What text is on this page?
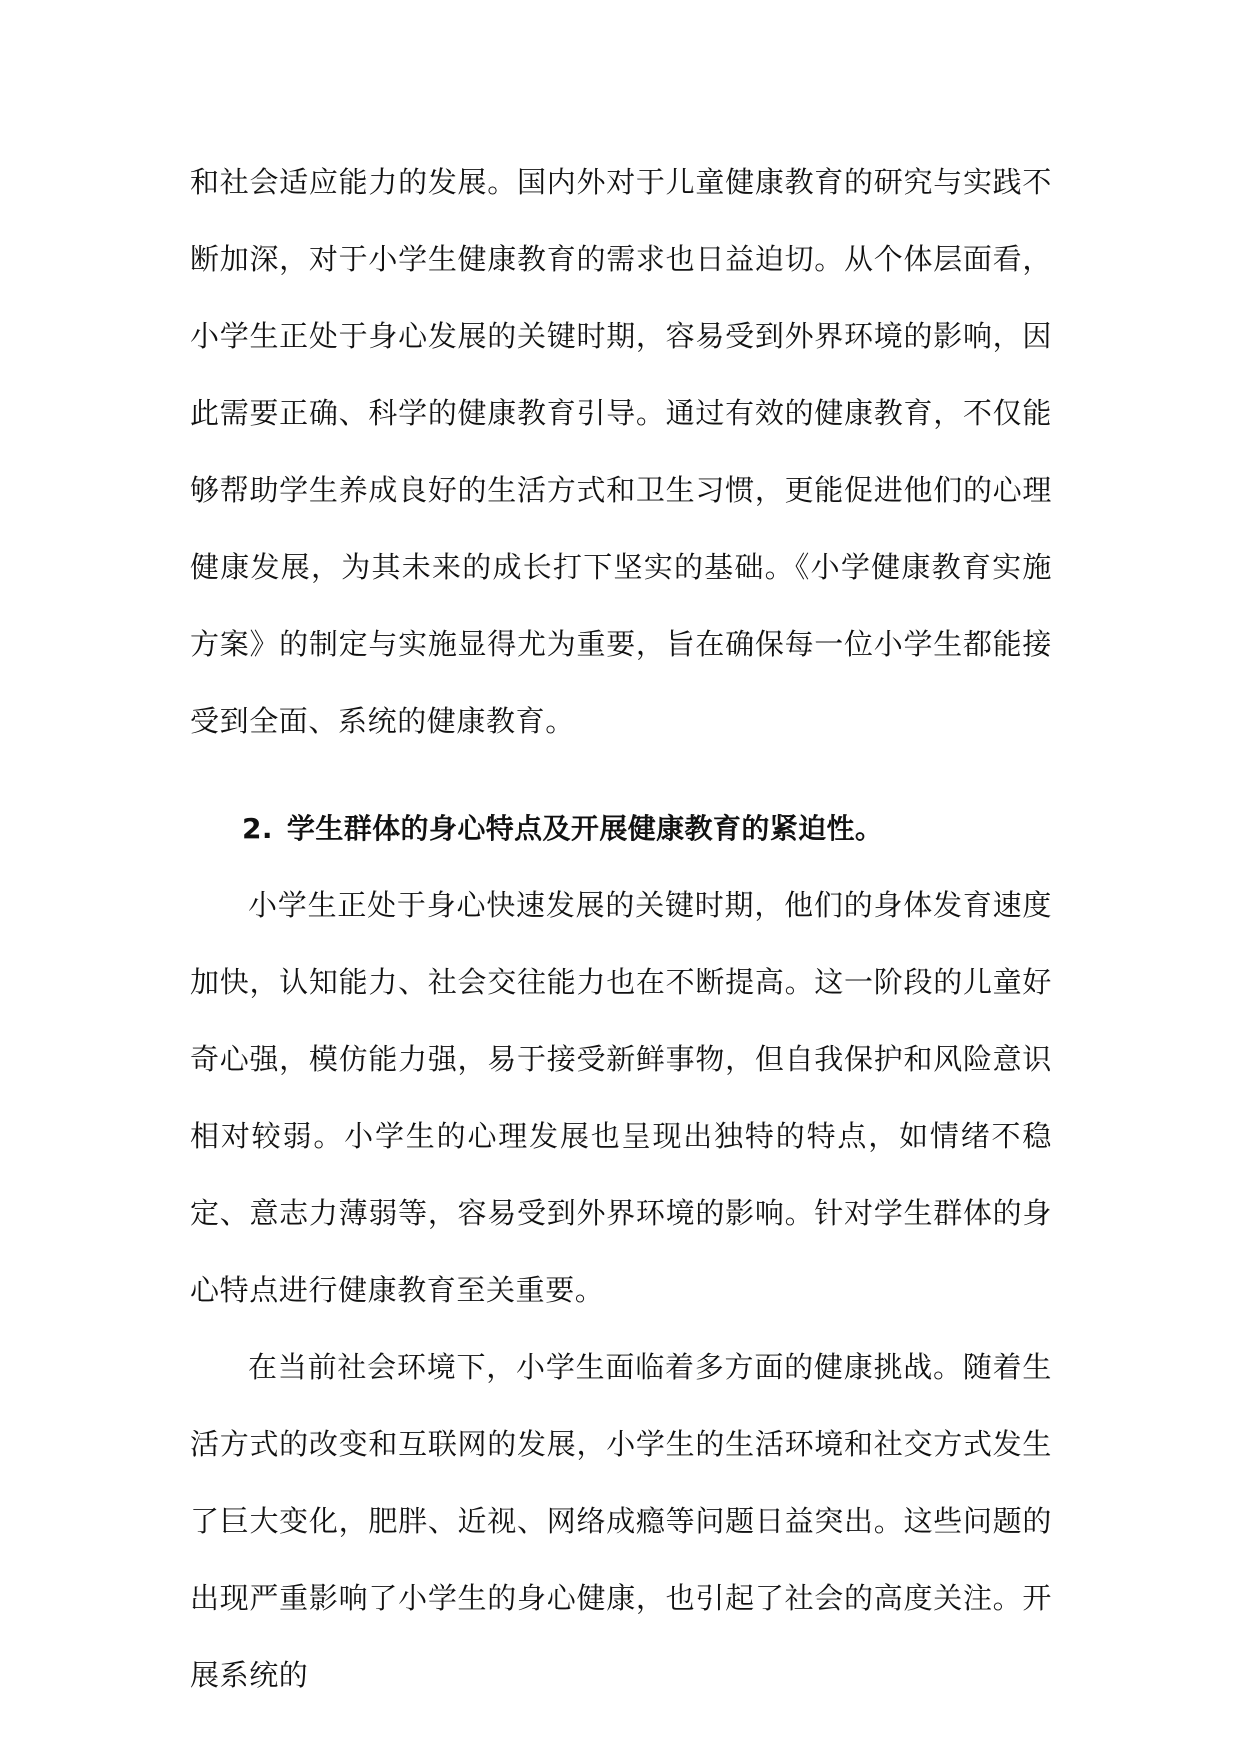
和社会适应能力的发展。国内外对于儿童健康教育的研究与实践不断加深，对于小学生健康教育的需求也日益迫切。从个体层面看，小学生正处于身心发展的关键时期，容易受到外界环境的影响，因此需要正确、科学的健康教育引导。通过有效的健康教育，不仅能够帮助学生养成良好的生活方式和卫生习惯，更能促进他们的心理健康发展，为其未来的成长打下坚实的基础。《小学健康教育实施方案》的制定与实施显得尤为重要，旨在确保每一位小学生都能接受到全面、系统的健康教育。

2. 学生群体的身心特点及开展健康教育的紧迫性。

小学生正处于身心快速发展的关键时期，他们的身体发育速度加快，认知能力、社会交往能力也在不断提高。这一阶段的儿童好奇心强，模仿能力强，易于接受新鲜事物，但自我保护和风险意识相对较弱。小学生的心理发展也呈现出独特的特点，如情绪不稳定、意志力薄弱等，容易受到外界环境的影响。针对学生群体的身心特点进行健康教育至关重要。

在当前社会环境下，小学生面临着多方面的健康挑战。随着生活方式的改变和互联网的发展，小学生的生活环境和社交方式发生了巨大变化，肥胖、近视、网络成瘾等问题日益突出。这些问题的出现严重影响了小学生的身心健康，也引起了社会的高度关注。开展系统的
